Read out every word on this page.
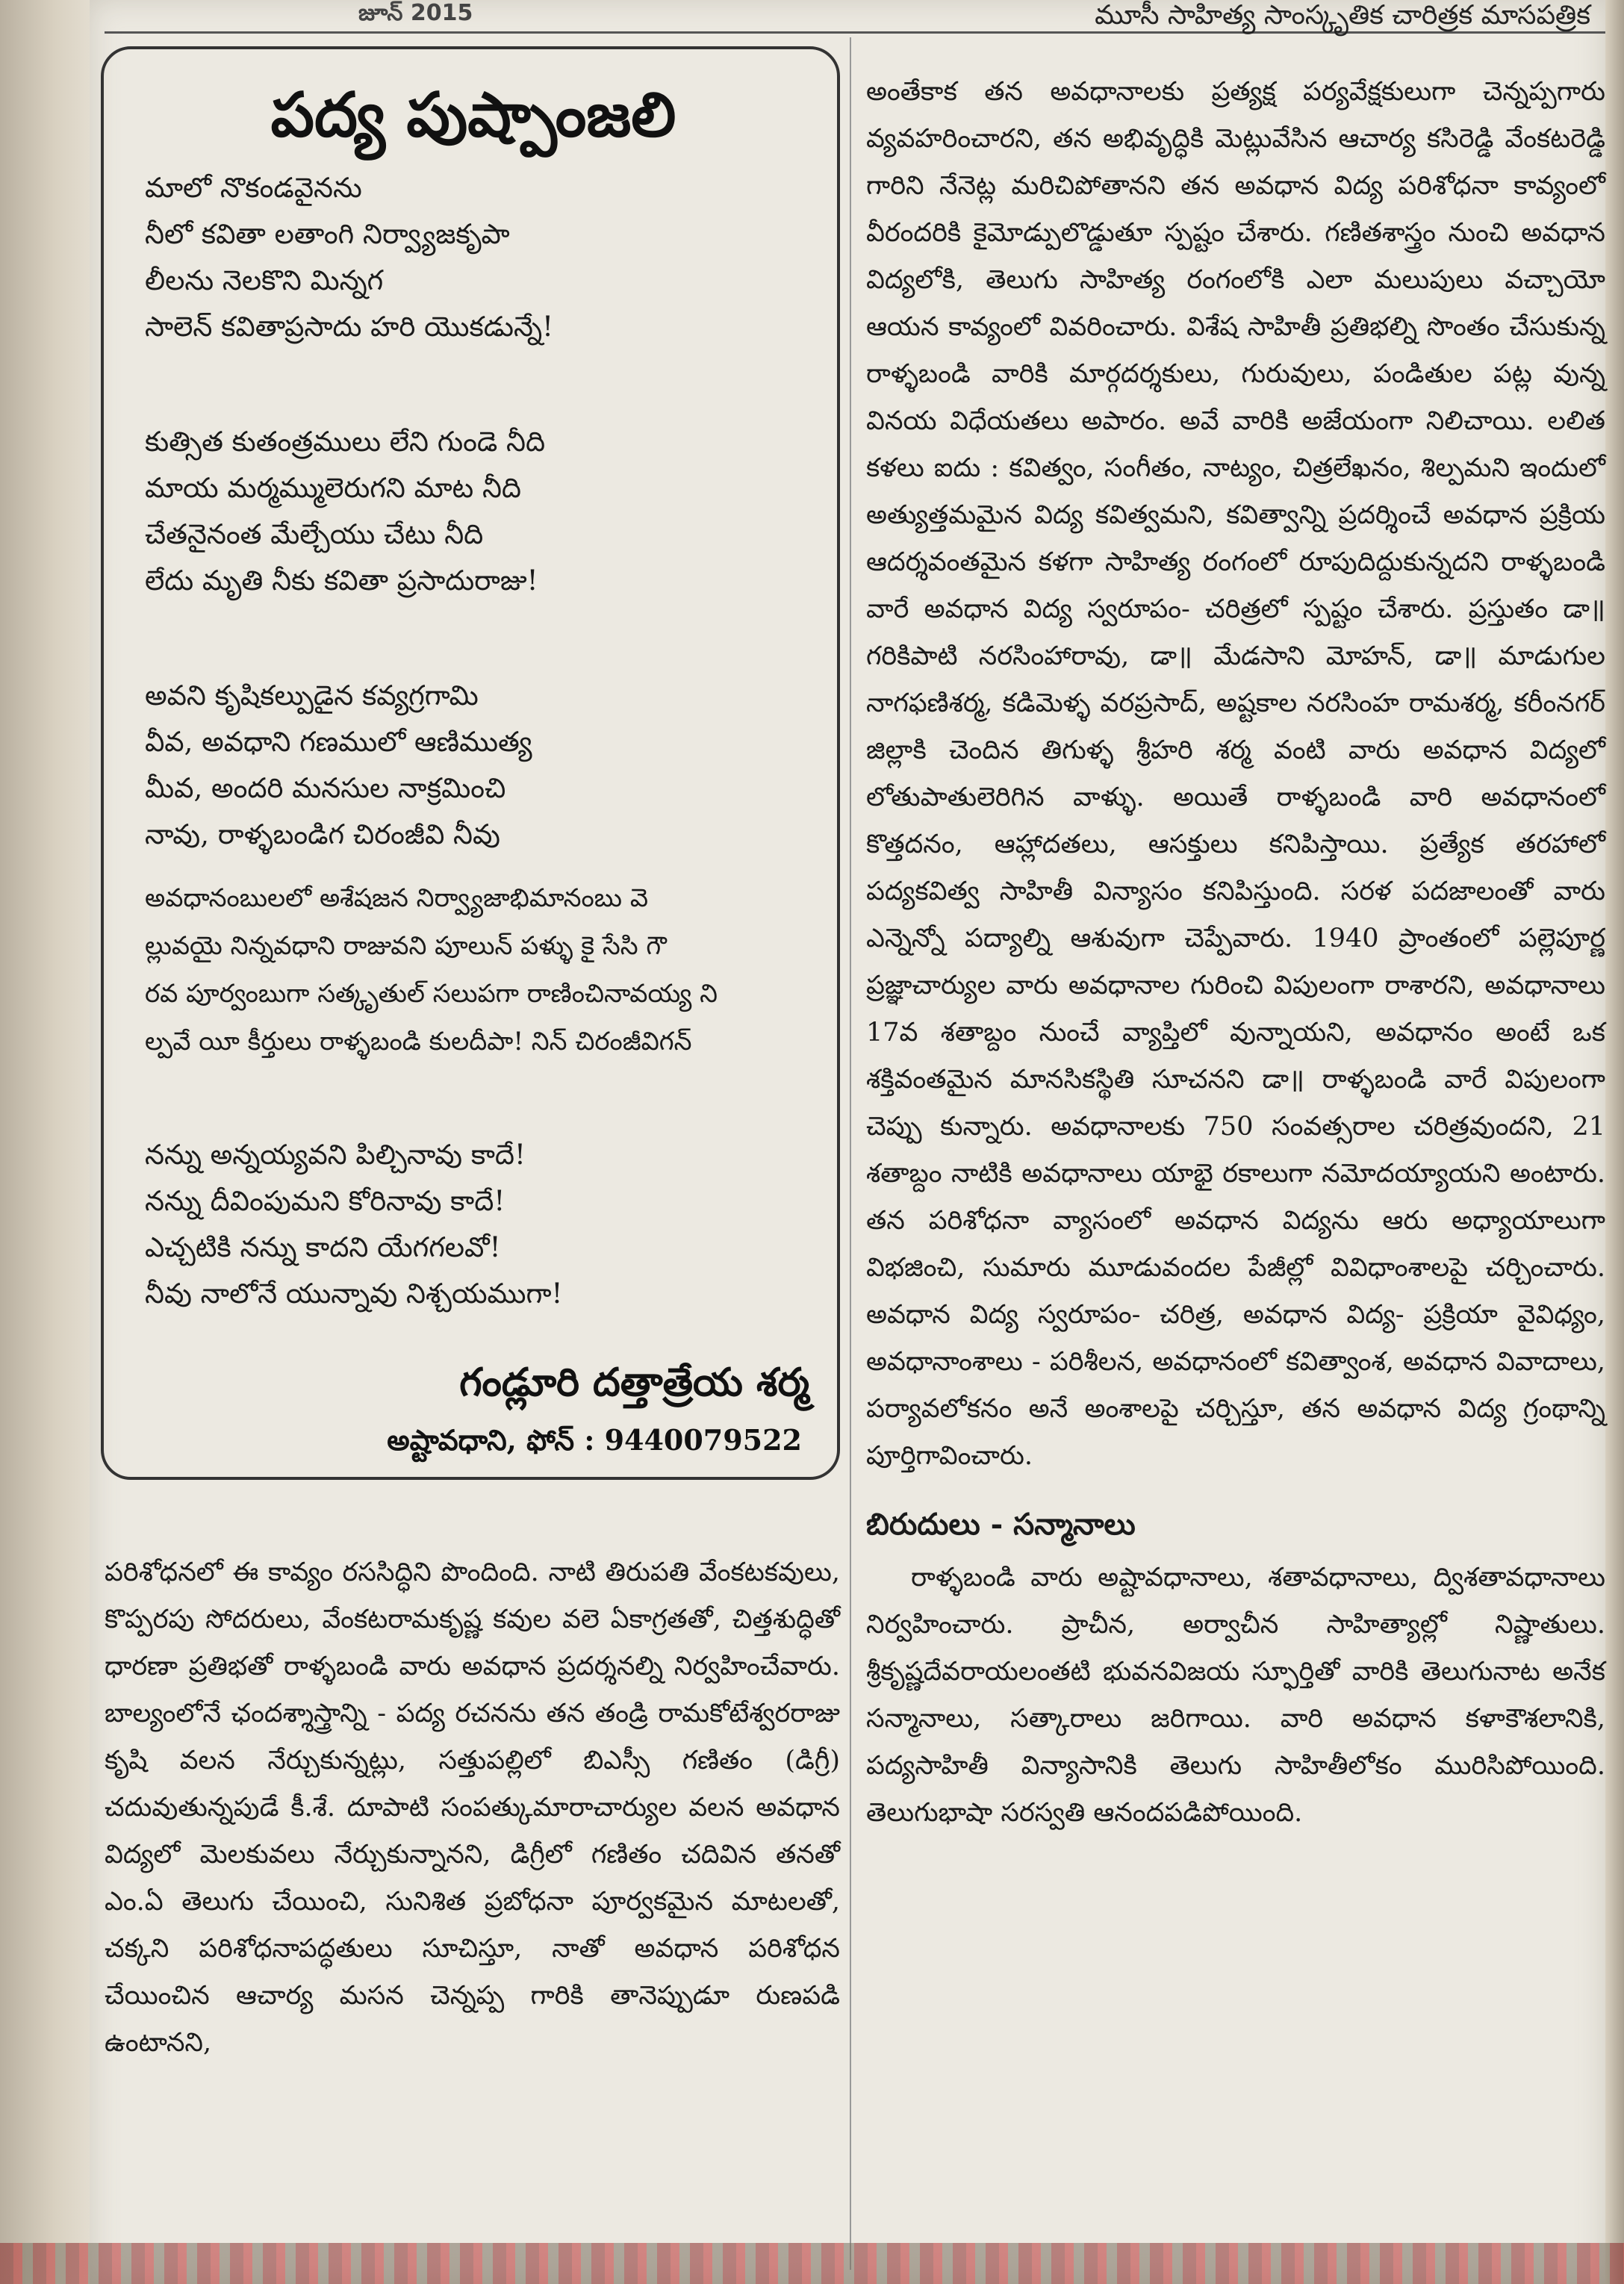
జూన్ 2015	మూసీ సాహిత్య సాంస్కృతిక చారిత్రక మాసపత్రిక
పద్య పుష్పాంజలి
మాలో నొకండవైనను
నీలో కవితా లతాంగి నిర్వ్యాజకృపా
లీలను నెలకొని మిన్నగ
సాలెన్ కవితాప్రసాదు హరి యొకడున్నే!
కుత్సిత కుతంత్రములు లేని గుండె నీది
మాయ మర్మమ్ములెరుగని మాట నీది
చేతనైనంత మేల్చేయు చేటు నీది
లేదు మృతి నీకు కవితా ప్రసాదురాజు!
అవని కృషికల్పుడైన కవ్యగ్రగామి
వీవ, అవధాని గణములో ఆణిముత్య
మీవ, అందరి మనసుల నాక్రమించి
నావు, రాళ్ళబండిగ చిరంజీవి నీవు
అవధానంబులలో అశేషజన నిర్వ్యాజాభిమానంబు వె
ల్లువయై నిన్నవధాని రాజువని పూలున్ పళ్ళు కై సేసి గౌ
రవ పూర్వంబుగా సత్కృతుల్ సలుపగా రాణించినావయ్య ని
ల్పవే యీ కీర్తులు రాళ్ళబండి కులదీపా! నిన్ చిరంజీవిగన్
నన్ను అన్నయ్యవని పిల్చినావు కాదే!
నన్ను దీవింపుమని కోరినావు కాదే!
ఎచ్చటికి నన్ను కాదని యేగగలవో!
నీవు నాలోనే యున్నావు నిశ్చయముగా!
గండ్లూరి దత్తాత్రేయ శర్మ
అష్టావధాని, ఫోన్ : 9440079522

అంతేకాక తన అవధానాలకు ప్రత్యక్ష పర్యవేక్షకులుగా చెన్నప్పగారు వ్యవహరించారని, తన అభివృద్ధికి మెట్లువేసిన ఆచార్య కసిరెడ్డి వేంకటరెడ్డి గారిని నేనెట్ల మరిచిపోతానని తన అవధాన విద్య పరిశోధనా కావ్యంలో వీరందరికి కైమోడ్పులొడ్డుతూ స్పష్టం చేశారు. గణితశాస్త్రం నుంచి అవధాన విద్యలోకి, తెలుగు సాహిత్య రంగంలోకి ఎలా మలుపులు వచ్చాయో ఆయన కావ్యంలో వివరించారు. విశేష సాహితీ ప్రతిభల్ని సొంతం చేసుకున్న రాళ్ళబండి వారికి మార్గదర్శకులు, గురువులు, పండితుల పట్ల వున్న వినయ విధేయతలు అపారం. అవే వారికి అజేయంగా నిలిచాయి. లలిత కళలు ఐదు : కవిత్వం, సంగీతం, నాట్యం, చిత్రలేఖనం, శిల్పమని ఇందులో అత్యుత్తమమైన విద్య కవిత్వమని, కవిత్వాన్ని ప్రదర్శించే అవధాన ప్రక్రియ ఆదర్శవంతమైన కళగా సాహిత్య రంగంలో రూపుదిద్దుకున్నదని రాళ్ళబండి వారే అవధాన విద్య స్వరూపం- చరిత్రలో స్పష్టం చేశారు. ప్రస్తుతం డా॥గరికిపాటి నరసింహారావు, డా॥ మేడసాని మోహన్, డా॥ మాడుగుల నాగఫణిశర్మ, కడిమెళ్ళ వరప్రసాద్, అష్టకాల నరసింహ రామశర్మ, కరీంనగర్ జిల్లాకి చెందిన తిగుళ్ళ శ్రీహరి శర్మ వంటి వారు అవధాన విద్యలో లోతుపాతులెరిగిన వాళ్ళు. అయితే రాళ్ళబండి వారి అవధానంలో కొత్తదనం, ఆహ్లాదతలు, ఆసక్తులు కనిపిస్తాయి. ప్రత్యేక తరహాలో పద్యకవిత్వ సాహితీ విన్యాసం కనిపిస్తుంది. సరళ పదజాలంతో వారు ఎన్నెన్నో పద్యాల్ని ఆశువుగా చెప్పేవారు. 1940 ప్రాంతంలో పల్లెపూర్ణ ప్రజ్ఞాచార్యుల వారు అవధానాల గురించి విపులంగా రాశారని, అవధానాలు 17వ శతాబ్దం నుంచే వ్యాప్తిలో వున్నాయని, అవధానం అంటే ఒక శక్తివంతమైన మానసికస్థితి సూచనని డా॥ రాళ్ళబండి వారే విపులంగా చెప్పు కున్నారు. అవధానాలకు 750 సంవత్సరాల చరిత్రవుందని, 21 శతాబ్దం నాటికి అవధానాలు యాభై రకాలుగా నమోదయ్యాయని అంటారు. తన పరిశోధనా వ్యాసంలో అవధాన విద్యను ఆరు అధ్యాయాలుగా విభజించి, సుమారు మూడువందల పేజీల్లో వివిధాంశాలపై చర్చించారు. అవధాన విద్య స్వరూపం- చరిత్ర, అవధాన విద్య- ప్రక్రియా వైవిధ్యం, అవధానాంశాలు - పరిశీలన, అవధానంలో కవిత్వాంశ, అవధాన వివాదాలు, పర్యావలోకనం అనే అంశాలపై చర్చిస్తూ, తన అవధాన విద్య గ్రంథాన్ని పూర్తిగావించారు.

బిరుదులు - సన్మానాలు

రాళ్ళబండి వారు అష్టావధానాలు, శతావధానాలు, ద్విశతావధానాలు నిర్వహించారు. ప్రాచీన, అర్వాచీన సాహిత్యాల్లో నిష్ణాతులు. శ్రీకృష్ణదేవరాయలంతటి భువనవిజయ స్ఫూర్తితో వారికి తెలుగునాట అనేక సన్మానాలు, సత్కారాలు జరిగాయి. వారి అవధాన కళాకౌశలానికి, పద్యసాహితీ విన్యాసానికి తెలుగు సాహితీలోకం మురిసిపోయింది. తెలుగుభాషా సరస్వతి ఆనందపడిపోయింది.

పరిశోధనలో ఈ కావ్యం రససిద్ధిని పొందింది. నాటి తిరుపతి వేంకటకవులు, కొప్పరపు సోదరులు, వేంకటరామకృష్ణ కవుల వలె ఏకాగ్రతతో, చిత్తశుద్ధితో ధారణా ప్రతిభతో రాళ్ళబండి వారు అవధాన ప్రదర్శనల్ని నిర్వహించేవారు. బాల్యంలోనే ఛందశ్శాస్త్రాన్ని - పద్య రచనను తన తండ్రి రామకోటేశ్వరరాజు కృషి వలన నేర్చుకున్నట్లు, సత్తుపల్లిలో బిఎస్సీ గణితం (డిగ్రీ) చదువుతున్నపుడే కీ.శే. దూపాటి సంపత్కుమారాచార్యుల వలన అవధాన విద్యలో మెలకువలు నేర్చుకున్నానని, డిగ్రీలో గణితం చదివిన తనతో ఎం.ఏ తెలుగు చేయించి, సునిశిత ప్రబోధనా పూర్వకమైన మాటలతో, చక్కని పరిశోధనాపద్ధతులు సూచిస్తూ, నాతో అవధాన పరిశోధన చేయించిన ఆచార్య మసన చెన్నప్ప గారికి తానెప్పుడూ రుణపడి ఉంటానని,
